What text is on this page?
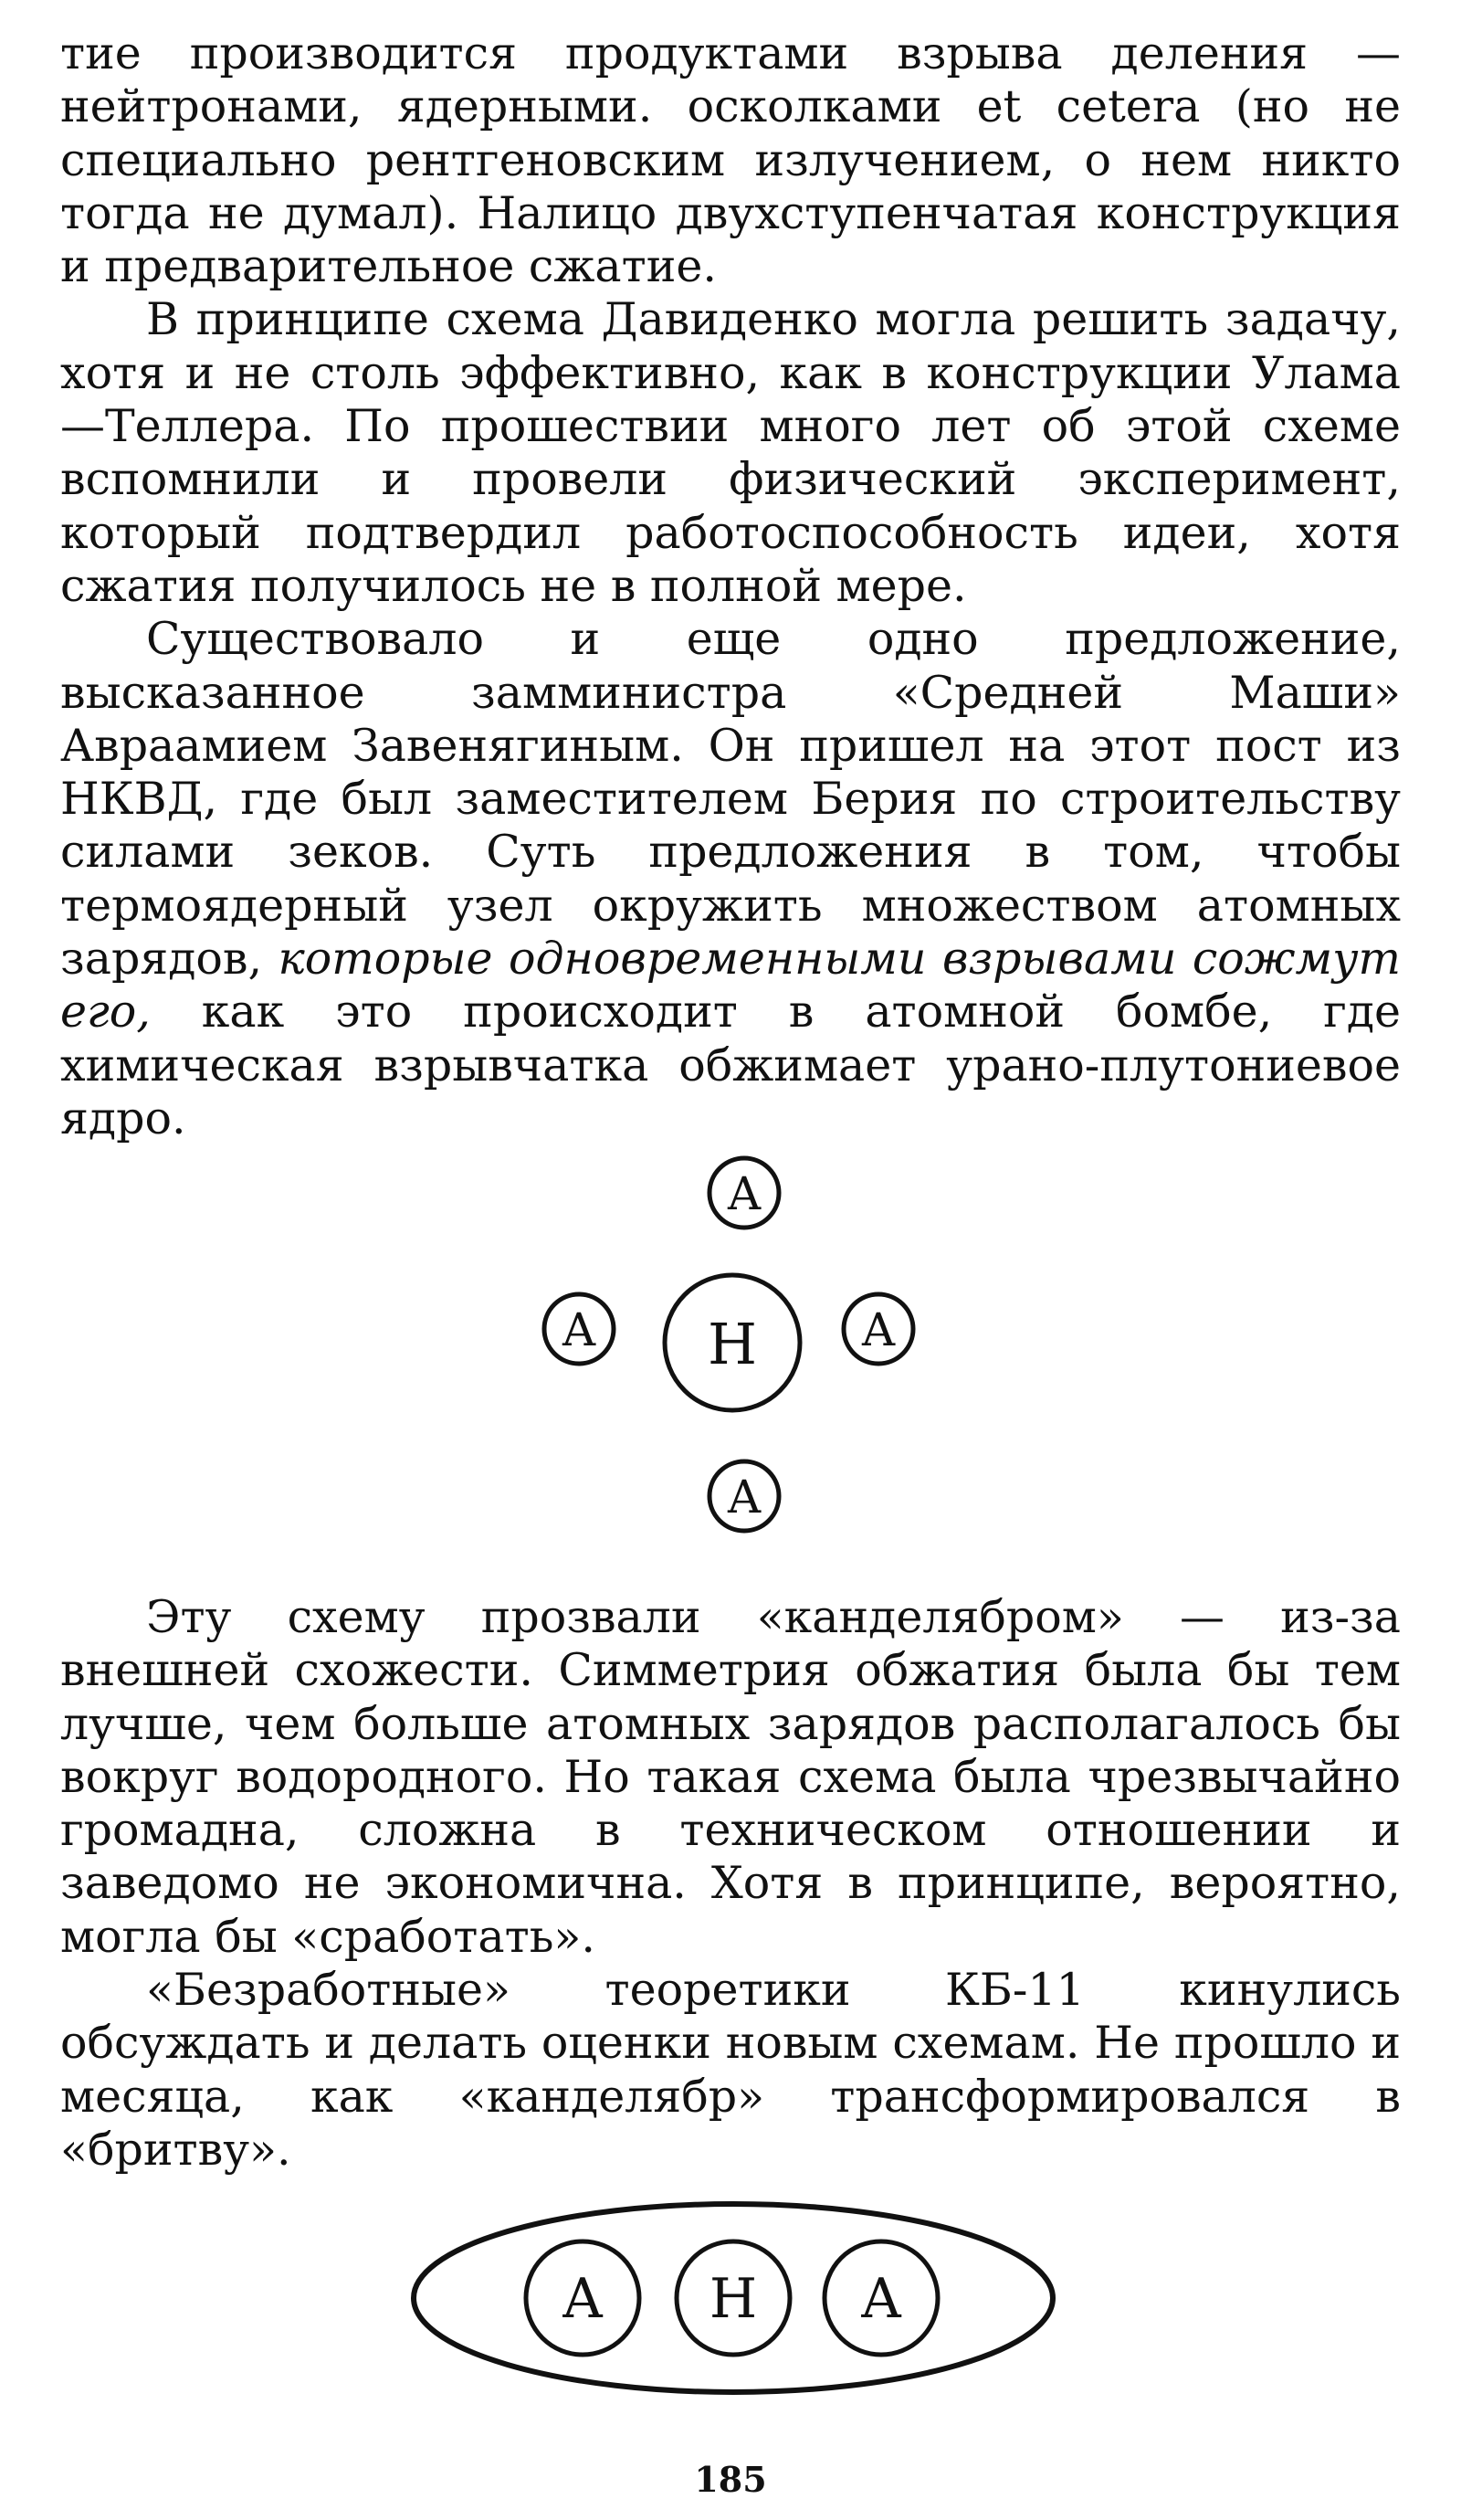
тие производится продуктами взрыва деления — нейтронами, ядерными. осколками et cetera (но не специально рентгеновским излучением, о нем никто тогда не думал). Налицо двухступенчатая конструкция и предварительное сжатие.

В принципе схема Давиденко могла решить задачу, хотя и не столь эффективно, как в конструкции Улама—Теллера. По прошествии много лет об этой схеме вспомнили и провели физический эксперимент, который подтвердил работоспособность идеи, хотя сжатия получилось не в полной мере.

Существовало и еще одно предложение, высказанное замминистра «Средней Маши» Авраамием Завенягиным. Он пришел на этот пост из НКВД, где был заместителем Берия по строительству силами зеков. Суть предложения в том, чтобы термоядерный узел окружить множеством атомных зарядов, которые одновременными взрывами сожмут его, как это происходит в атомной бомбе, где химическая взрывчатка обжимает урано-плутониевое ядро.

A
A H A
A

Эту схему прозвали «канделябром» — из-за внешней схожести. Симметрия обжатия была бы тем лучше, чем больше атомных зарядов располагалось бы вокруг водородного. Но такая схема была чрезвычайно громадна, сложна в техническом отношении и заведомо не экономична. Хотя в принципе, вероятно, могла бы «сработать».

«Безработные» теоретики КБ-11 кинулись обсуждать и делать оценки новым схемам. Не прошло и месяца, как «канделябр» трансформировался в «бритву».

A H A
185
